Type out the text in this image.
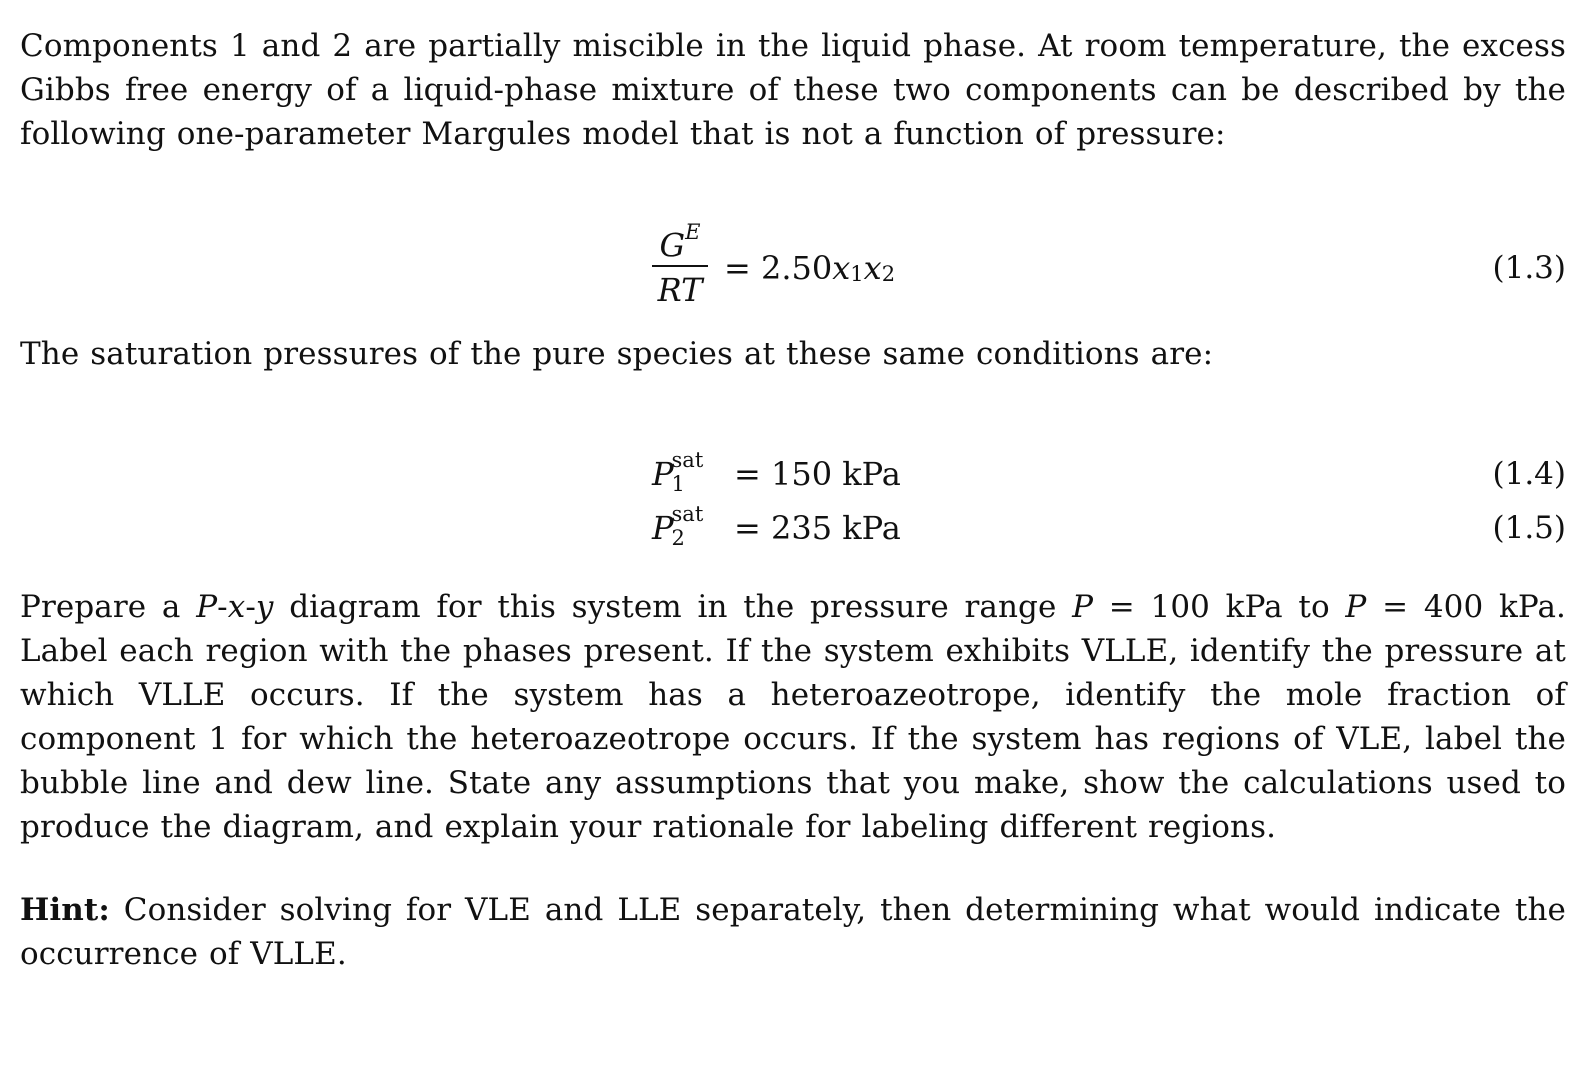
Components 1 and 2 are partially miscible in the liquid phase. At room temperature, the excess Gibbs free energy of a liquid-phase mixture of these two components can be described by the following one-parameter Margules model that is not a function of pressure:
$G^E$
RT
= $2.50x_1x_2$	(1.3)
The saturation pressures of the pure species at these same conditions are:
P
sat
1 = 150 kPa	(1.4)
P
sat
2 = 235 kPa	(1.5)
Prepare a P-x-y diagram for this system in the pressure range P = 100 kPa to P = 400 kPa. Label each region with the phases present. If the system exhibits VLLE, identify the pressure at which VLLE occurs. If the system has a heteroazeotrope, identify the mole fraction of component 1 for which the heteroazeotrope occurs. If the system has regions of VLE, label the bubble line and dew line. State any assumptions that you make, show the calculations used to produce the diagram, and explain your rationale for labeling different regions.
Hint: Consider solving for VLE and LLE separately, then determining what would indicate the occurrence of VLLE.
